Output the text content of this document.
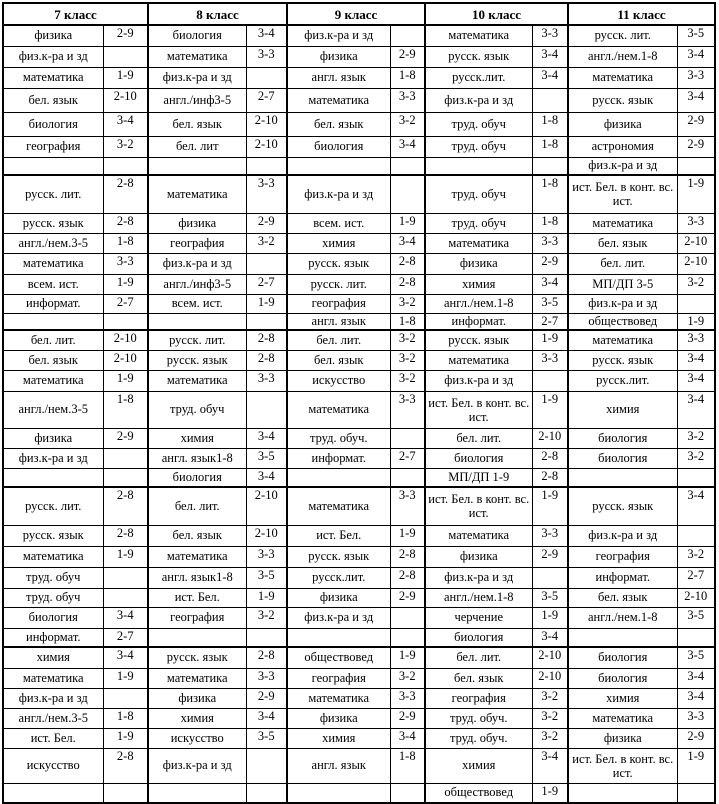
7 класс		8 класс		9 класс		10 класс		11 класс	
физика	2-9	биология	3-4	физ.к-ра и зд		математика	3-3	русск. лит.	3-5
физ.к-ра и зд		математика	3-3	физика	2-9	русск. язык	3-4	англ./нем.1-8	3-4
математика	1-9	физ.к-ра и зд		англ. язык	1-8	русск.лит.	3-4	математика	3-3
бел. язык	2-10	англ./инф3-5	2-7	математика	3-3	физ.к-ра и зд		русск. язык	3-4
биология	3-4	бел. язык	2-10	бел. язык	3-2	труд. обуч	1-8	физика	2-9
география	3-2	бел. лит	2-10	биология	3-4	труд. обуч	1-8	астрономия	2-9
								физ.к-ра и зд	
русск. лит.	2-8	математика	3-3	физ.к-ра и зд		труд. обуч	1-8	ист. Бел. в конт. вс. ист.	1-9
русск. язык	2-8	физика	2-9	всем. ист.	1-9	труд. обуч	1-8	математика	3-3
англ./нем.3-5	1-8	география	3-2	химия	3-4	математика	3-3	бел. язык	2-10
математика	3-3	физ.к-ра и зд		русск. язык	2-8	физика	2-9	бел. лит.	2-10
всем. ист.	1-9	англ./инф3-5	2-7	русск. лит.	2-8	химия	3-4	МП/ДП 3-5	3-2
информат.	2-7	всем. ист.	1-9	география	3-2	англ./нем.1-8	3-5	физ.к-ра и зд	
				англ. язык	1-8	информат.	2-7	обществовед	1-9
бел. лит.	2-10	русск. лит.	2-8	бел. лит.	3-2	русск. язык	1-9	математика	3-3
бел. язык	2-10	русск. язык	2-8	бел. язык	3-2	математика	3-3	русск. язык	3-4
математика	1-9	математика	3-3	искусство	3-2	физ.к-ра и зд		русск.лит.	3-4
англ./нем.3-5	1-8	труд. обуч		математика	3-3	ист. Бел. в конт. вс. ист.	1-9	химия	3-4
физика	2-9	химия	3-4	труд. обуч.		бел. лит.	2-10	биология	3-2
физ.к-ра и зд		англ. язык1-8	3-5	информат.	2-7	биология	2-8	биология	3-2
		биология	3-4			МП/ДП 1-9	2-8		
русск. лит.	2-8	бел. лит.	2-10	математика	3-3	ист. Бел. в конт. вс. ист.	1-9	русск. язык	3-4
русск. язык	2-8	бел. язык	2-10	ист. Бел.	1-9	математика	3-3	физ.к-ра и зд	
математика	1-9	математика	3-3	русск. язык	2-8	физика	2-9	география	3-2
труд. обуч		англ. язык1-8	3-5	русск.лит.	2-8	физ.к-ра и зд		информат.	2-7
труд. обуч		ист. Бел.	1-9	физика	2-9	англ./нем.1-8	3-5	бел. язык	2-10
биология	3-4	география	3-2	физ.к-ра и зд		черчение	1-9	англ./нем.1-8	3-5
информат.	2-7					биология	3-4		
химия	3-4	русск. язык	2-8	обществовед	1-9	бел. лит.	2-10	биология	3-5
математика	1-9	математика	3-3	география	3-2	бел. язык	2-10	биология	3-4
физ.к-ра и зд		физика	2-9	математика	3-3	география	3-2	химия	3-4
англ./нем.3-5	1-8	химия	3-4	физика	2-9	труд. обуч.	3-2	математика	3-3
ист. Бел.	1-9	искусство	3-5	химия	3-4	труд. обуч.	3-2	физика	2-9
искусство	2-8	физ.к-ра и зд		англ. язык	1-8	химия	3-4	ист. Бел. в конт. вс. ист.	1-9
						обществовед	1-9		
